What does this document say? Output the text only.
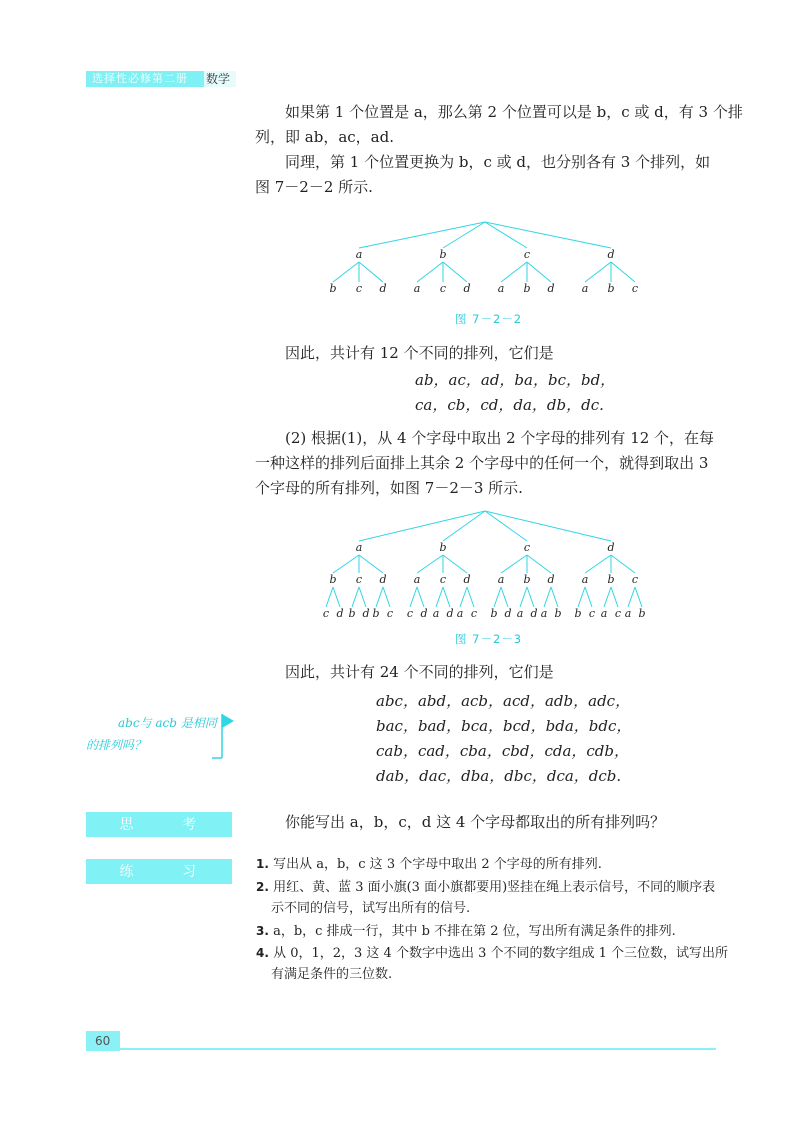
选择性必修第二册 数学
如果第 1 个位置是 a，那么第 2 个位置可以是 b，c 或 d，有 3 个排
列，即 ab，ac，ad.
同理，第 1 个位置更换为 b，c 或 d，也分别各有 3 个排列，如
图 7－2－2 所示.
a
b c d
b
a c d
c
a b d
d
a b c
图 7－2－2
因此，共计有 12 个不同的排列，它们是
ab，ac，ad，ba，bc，bd，
ca，cb，cd，da，db，dc.
(2) 根据(1)，从 4 个字母中取出 2 个字母的排列有 12 个，在每
一种这样的排列后面排上其余 2 个字母中的任何一个，就得到取出 3
个字母的所有排列，如图 7－2－3 所示.
a
b
c d
c
b d
d
b c
b
a
c d
c
a d
d
a c
c
a
b d
b
a d
d
a b
d
a
b c
b
a c
c
a b
图 7－2－3
因此，共计有 24 个不同的排列，它们是
abc，abd，acb，acd，adb，adc，
bac，bad，bca，bcd，bda，bdc，
cab，cad，cba，cbd，cda，cdb，
dab，dac，dba，dbc，dca，dcb.
abc与 acb 是相同
的排列吗？
思 考	你能写出 a，b，c，d 这 4 个字母都取出的所有排列吗？
练 习	1. 写出从 a，b，c 这 3 个字母中取出 2 个字母的所有排列.
2. 用红、黄、蓝 3 面小旗(3 面小旗都要用)竖挂在绳上表示信号，不同的顺序表
示不同的信号，试写出所有的信号.
3. a，b，c 排成一行，其中 b 不排在第 2 位，写出所有满足条件的排列.
4. 从 0，1，2，3 这 4 个数字中选出 3 个不同的数字组成 1 个三位数，试写出所
有满足条件的三位数.
60
